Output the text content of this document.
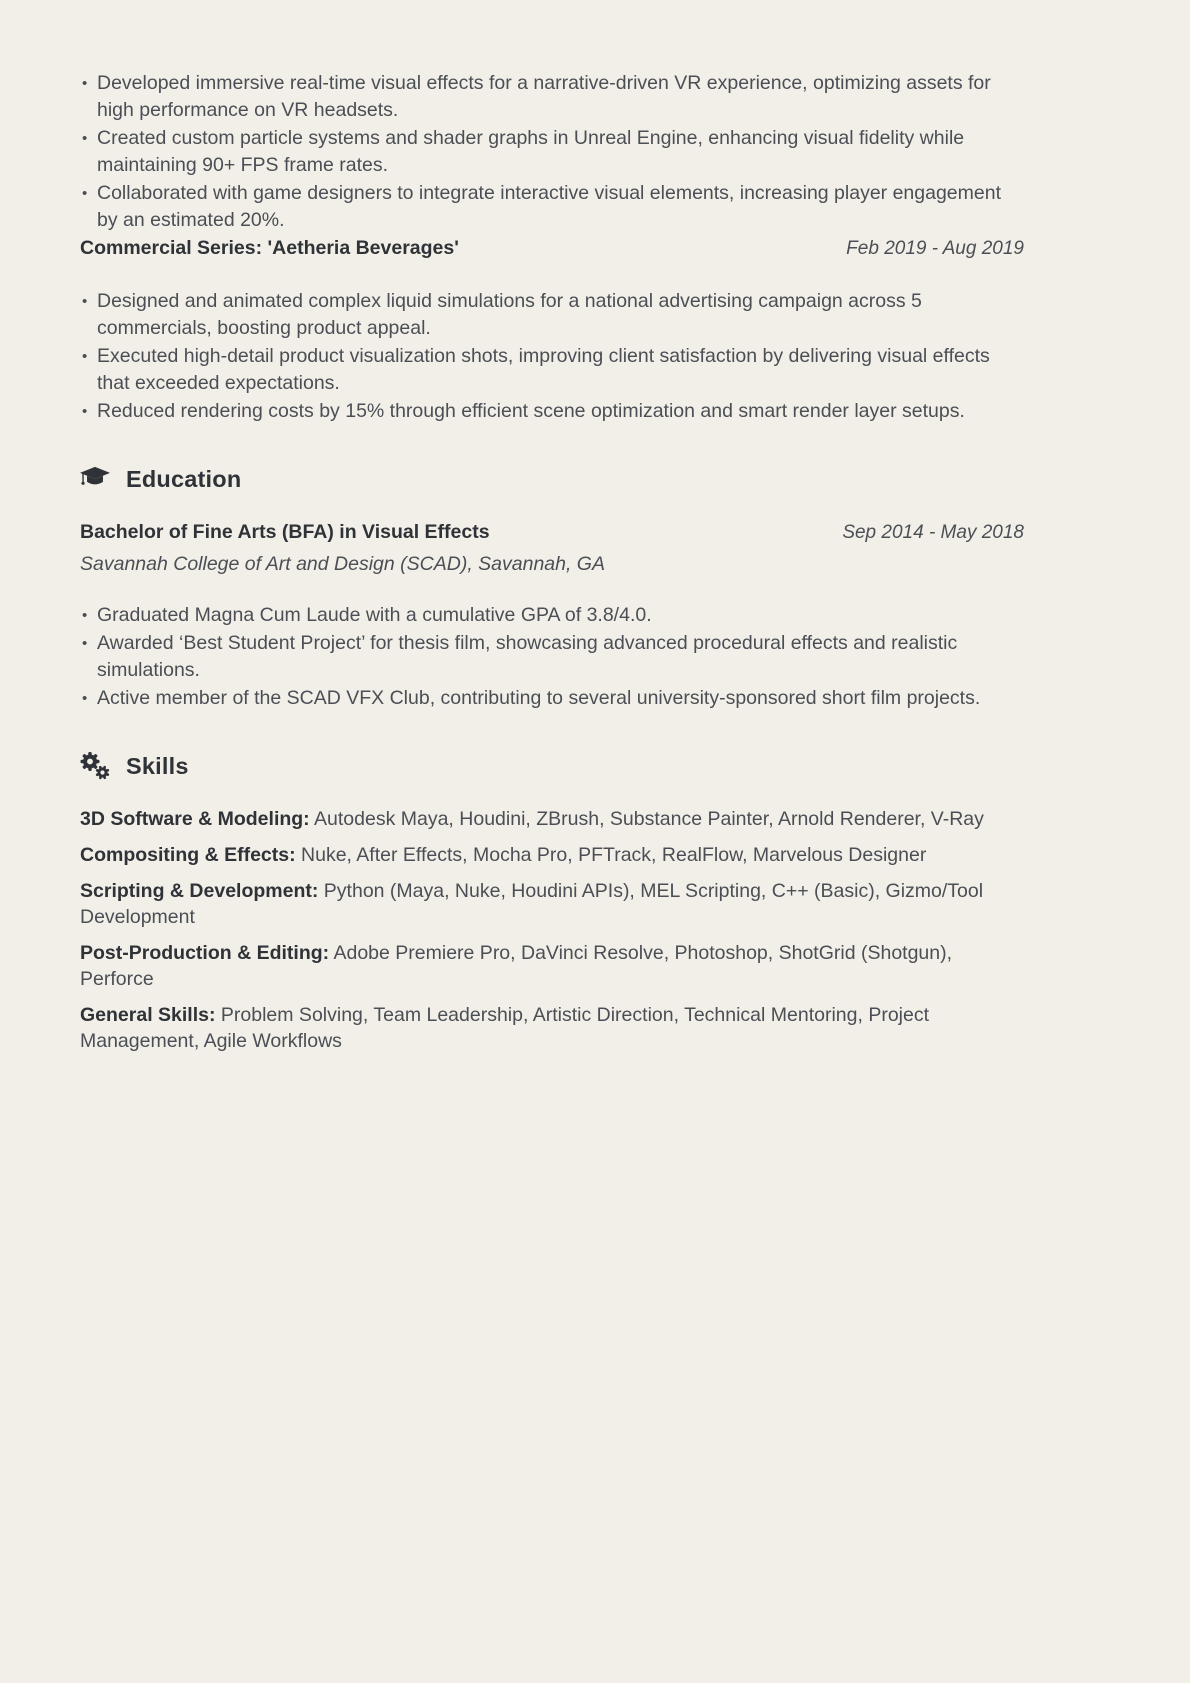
• Developed immersive real-time visual effects for a narrative-driven VR experience, optimizing assets for high performance on VR headsets.
• Created custom particle systems and shader graphs in Unreal Engine, enhancing visual fidelity while maintaining 90+ FPS frame rates.
• Collaborated with game designers to integrate interactive visual elements, increasing player engagement by an estimated 20%.
Commercial Series: 'Aetheria Beverages'	Feb 2019 - Aug 2019
• Designed and animated complex liquid simulations for a national advertising campaign across 5 commercials, boosting product appeal.
• Executed high-detail product visualization shots, improving client satisfaction by delivering visual effects that exceeded expectations.
• Reduced rendering costs by 15% through efficient scene optimization and smart render layer setups.
Education
Bachelor of Fine Arts (BFA) in Visual Effects	Sep 2014 - May 2018
Savannah College of Art and Design (SCAD), Savannah, GA
• Graduated Magna Cum Laude with a cumulative GPA of 3.8/4.0.
• Awarded ‘Best Student Project’ for thesis film, showcasing advanced procedural effects and realistic simulations.
• Active member of the SCAD VFX Club, contributing to several university-sponsored short film projects.
Skills

3D Software & Modeling: Autodesk Maya, Houdini, ZBrush, Substance Painter, Arnold Renderer, V-Ray

Compositing & Effects: Nuke, After Effects, Mocha Pro, PFTrack, RealFlow, Marvelous Designer

Scripting & Development: Python (Maya, Nuke, Houdini APIs), MEL Scripting, C++ (Basic), Gizmo/Tool Development

Post-Production & Editing: Adobe Premiere Pro, DaVinci Resolve, Photoshop, ShotGrid (Shotgun), Perforce

General Skills: Problem Solving, Team Leadership, Artistic Direction, Technical Mentoring, Project Management, Agile Workflows
